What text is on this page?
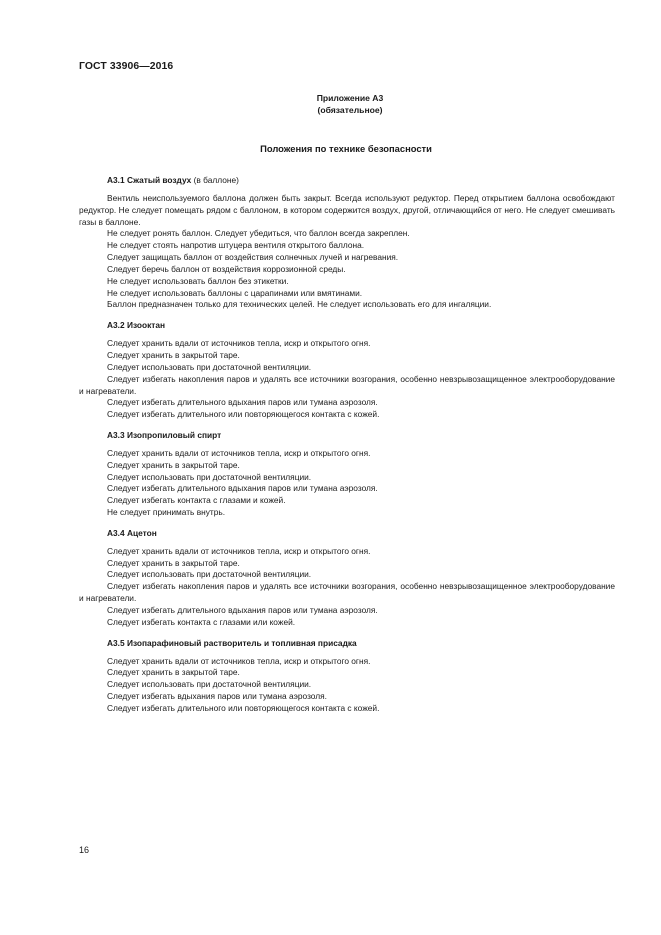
ГОСТ 33906—2016
Приложение А3
(обязательное)
Положения по технике безопасности
А3.1 Сжатый воздух (в баллоне)
Вентиль неиспользуемого баллона должен быть закрыт. Всегда используют редуктор. Перед открытием баллона освобождают редуктор. Не следует помещать рядом с баллоном, в котором содержится воздух, другой, отличающийся от него. Не следует смешивать газы в баллоне.
Не следует ронять баллон. Следует убедиться, что баллон всегда закреплен.
Не следует стоять напротив штуцера вентиля открытого баллона.
Следует защищать баллон от воздействия солнечных лучей и нагревания.
Следует беречь баллон от воздействия коррозионной среды.
Не следует использовать баллон без этикетки.
Не следует использовать баллоны с царапинами или вмятинами.
Баллон предназначен только для технических целей. Не следует использовать его для ингаляции.
А3.2 Изооктан
Следует хранить вдали от источников тепла, искр и открытого огня.
Следует хранить в закрытой таре.
Следует использовать при достаточной вентиляции.
Следует избегать накопления паров и удалять все источники возгорания, особенно невзрывозащищенное электрооборудование и нагреватели.
Следует избегать длительного вдыхания паров или тумана аэрозоля.
Следует избегать длительного или повторяющегося контакта с кожей.
А3.3 Изопропиловый спирт
Следует хранить вдали от источников тепла, искр и открытого огня.
Следует хранить в закрытой таре.
Следует использовать при достаточной вентиляции.
Следует избегать длительного вдыхания паров или тумана аэрозоля.
Следует избегать контакта с глазами и кожей.
Не следует принимать внутрь.
А3.4 Ацетон
Следует хранить вдали от источников тепла, искр и открытого огня.
Следует хранить в закрытой таре.
Следует использовать при достаточной вентиляции.
Следует избегать накопления паров и удалять все источники возгорания, особенно невзрывозащищенное электрооборудование и нагреватели.
Следует избегать длительного вдыхания паров или тумана аэрозоля.
Следует избегать контакта с глазами или кожей.
А3.5 Изопарафиновый растворитель и топливная присадка
Следует хранить вдали от источников тепла, искр и открытого огня.
Следует хранить в закрытой таре.
Следует использовать при достаточной вентиляции.
Следует избегать вдыхания паров или тумана аэрозоля.
Следует избегать длительного или повторяющегося контакта с кожей.
16
